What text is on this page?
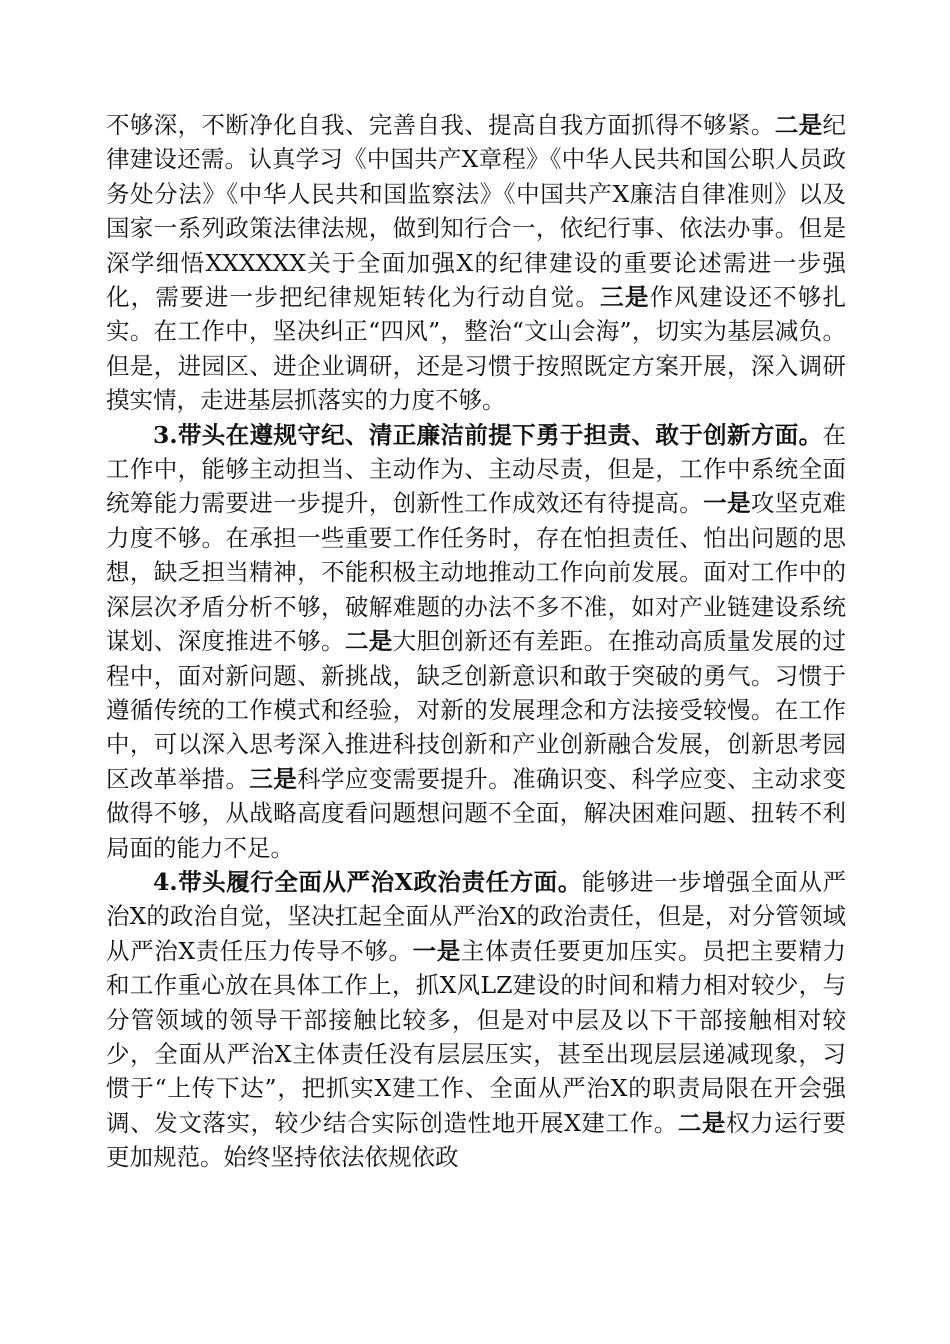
不够深，不断净化自我、完善自我、提高自我方面抓得不够紧。二是纪律建设还需。认真学习《中国共产X章程》《中华人民共和国公职人员政务处分法》《中华人民共和国监察法》《中国共产X廉洁自律准则》以及国家一系列政策法律法规，做到知行合一，依纪行事、依法办事。但是深学细悟XXXXXX关于全面加强X的纪律建设的重要论述需进一步强化，需要进一步把纪律规矩转化为行动自觉。三是作风建设还不够扎实。在工作中，坚决纠正“四风”，整治“文山会海”，切实为基层减负。但是，进园区、进企业调研，还是习惯于按照既定方案开展，深入调研摸实情，走进基层抓落实的力度不够。

3.带头在遵规守纪、清正廉洁前提下勇于担责、敢于创新方面。在工作中，能够主动担当、主动作为、主动尽责，但是，工作中系统全面统筹能力需要进一步提升，创新性工作成效还有待提高。一是攻坚克难力度不够。在承担一些重要工作任务时，存在怕担责任、怕出问题的思想，缺乏担当精神，不能积极主动地推动工作向前发展。面对工作中的深层次矛盾分析不够，破解难题的办法不多不准，如对产业链建设系统谋划、深度推进不够。二是大胆创新还有差距。在推动高质量发展的过程中，面对新问题、新挑战，缺乏创新意识和敢于突破的勇气。习惯于遵循传统的工作模式和经验，对新的发展理念和方法接受较慢。在工作中，可以深入思考深入推进科技创新和产业创新融合发展，创新思考园区改革举措。三是科学应变需要提升。准确识变、科学应变、主动求变做得不够，从战略高度看问题想问题不全面，解决困难问题、扭转不利局面的能力不足。

4.带头履行全面从严治X政治责任方面。能够进一步增强全面从严治X的政治自觉，坚决扛起全面从严治X的政治责任，但是，对分管领域从严治X责任压力传导不够。一是主体责任要更加压实。员把主要精力和工作重心放在具体工作上，抓X风LZ建设的时间和精力相对较少，与分管领域的领导干部接触比较多，但是对中层及以下干部接触相对较少，全面从严治X主体责任没有层层压实，甚至出现层层递减现象，习惯于“上传下达”，把抓实X建工作、全面从严治X的职责局限在开会强调、发文落实，较少结合实际创造性地开展X建工作。二是权力运行要更加规范。始终坚持依法依规依政
